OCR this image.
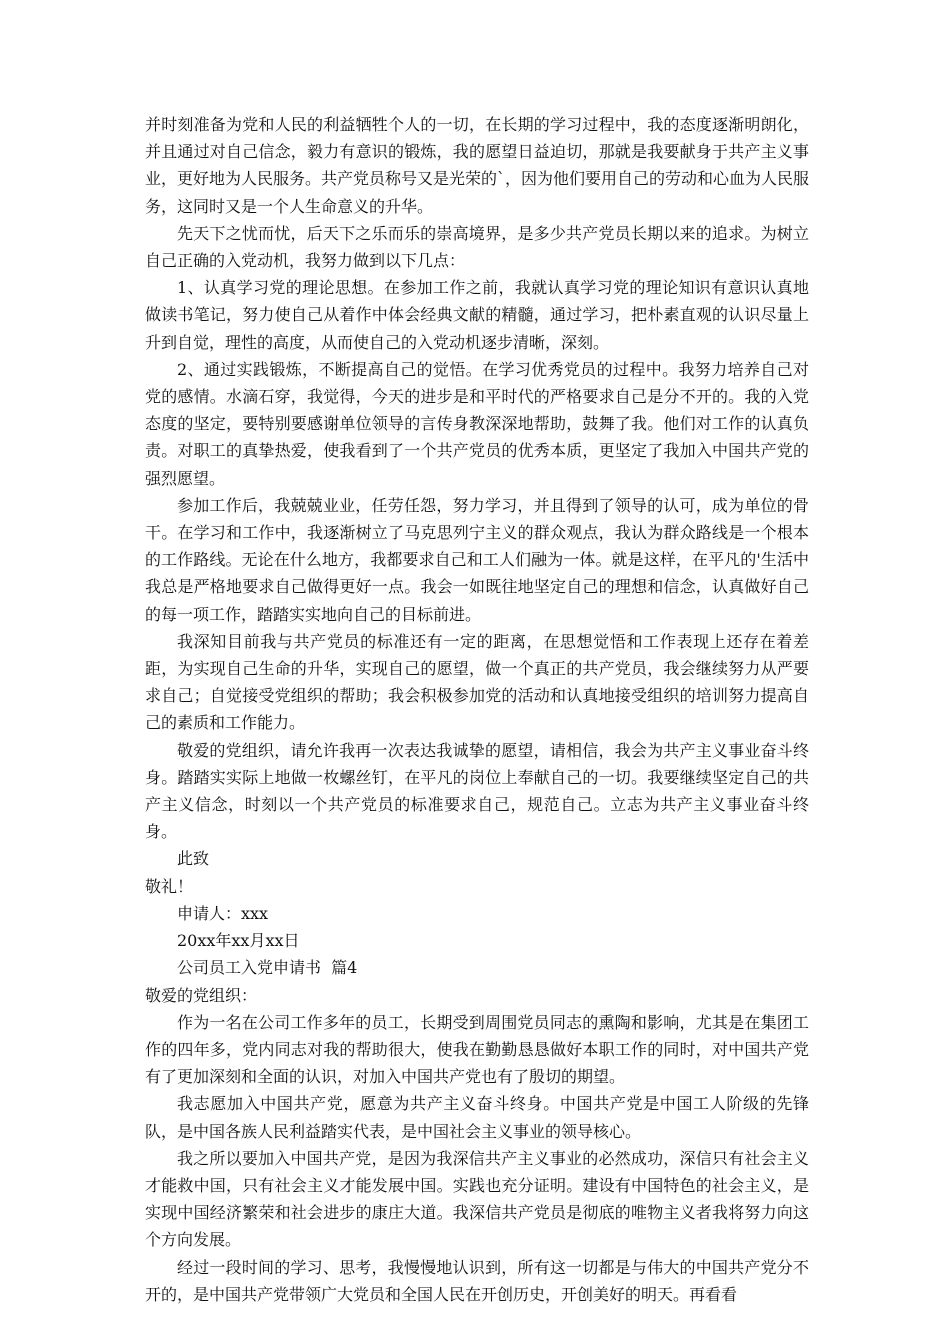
并时刻准备为党和人民的利益牺牲个人的一切，在长期的学习过程中，我的态度逐渐明朗化，并且通过对自己信念，毅力有意识的锻炼，我的愿望日益迫切，那就是我要献身于共产主义事业，更好地为人民服务。共产党员称号又是光荣的`，因为他们要用自己的劳动和心血为人民服务，这同时又是一个人生命意义的升华。

先天下之忧而忧，后天下之乐而乐的崇高境界，是多少共产党员长期以来的追求。为树立自己正确的入党动机，我努力做到以下几点：

1、认真学习党的理论思想。在参加工作之前，我就认真学习党的理论知识有意识认真地做读书笔记，努力使自己从着作中体会经典文献的精髓，通过学习，把朴素直观的认识尽量上升到自觉，理性的高度，从而使自己的入党动机逐步清晰，深刻。

2、通过实践锻炼，不断提高自己的觉悟。在学习优秀党员的过程中。我努力培养自己对党的感情。水滴石穿，我觉得，今天的进步是和平时代的严格要求自己是分不开的。我的入党态度的坚定，要特别要感谢单位领导的言传身教深深地帮助，鼓舞了我。他们对工作的认真负责。对职工的真挚热爱，使我看到了一个共产党员的优秀本质，更坚定了我加入中国共产党的强烈愿望。

参加工作后，我兢兢业业，任劳任怨，努力学习，并且得到了领导的认可，成为单位的骨干。在学习和工作中，我逐渐树立了马克思列宁主义的群众观点，我认为群众路线是一个根本的工作路线。无论在什么地方，我都要求自己和工人们融为一体。就是这样，在平凡的'生活中我总是严格地要求自己做得更好一点。我会一如既往地坚定自己的理想和信念，认真做好自己的每一项工作，踏踏实实地向自己的目标前进。

我深知目前我与共产党员的标准还有一定的距离，在思想觉悟和工作表现上还存在着差距，为实现自己生命的升华，实现自己的愿望，做一个真正的共产党员，我会继续努力从严要求自己；自觉接受党组织的帮助；我会积极参加党的活动和认真地接受组织的培训努力提高自己的素质和工作能力。

敬爱的党组织，请允许我再一次表达我诚挚的愿望，请相信，我会为共产主义事业奋斗终身。踏踏实实际上地做一枚螺丝钉，在平凡的岗位上奉献自己的一切。我要继续坚定自己的共产主义信念，时刻以一个共产党员的标准要求自己，规范自己。立志为共产主义事业奋斗终身。

此致

敬礼！

申请人：xxx

20xx年xx月xx日

公司员工入党申请书  篇4

敬爱的党组织：

作为一名在公司工作多年的员工，长期受到周围党员同志的熏陶和影响，尤其是在集团工作的四年多，党内同志对我的帮助很大，使我在勤勤恳恳做好本职工作的同时，对中国共产党有了更加深刻和全面的认识，对加入中国共产党也有了殷切的期望。

我志愿加入中国共产党，愿意为共产主义奋斗终身。中国共产党是中国工人阶级的先锋队，是中国各族人民利益踏实代表，是中国社会主义事业的领导核心。

我之所以要加入中国共产党，是因为我深信共产主义事业的必然成功，深信只有社会主义才能救中国，只有社会主义才能发展中国。实践也充分证明。建设有中国特色的社会主义，是实现中国经济繁荣和社会进步的康庄大道。我深信共产党员是彻底的唯物主义者我将努力向这个方向发展。

经过一段时间的学习、思考，我慢慢地认识到，所有这一切都是与伟大的中国共产党分不开的，是中国共产党带领广大党员和全国人民在开创历史，开创美好的明天。再看看
